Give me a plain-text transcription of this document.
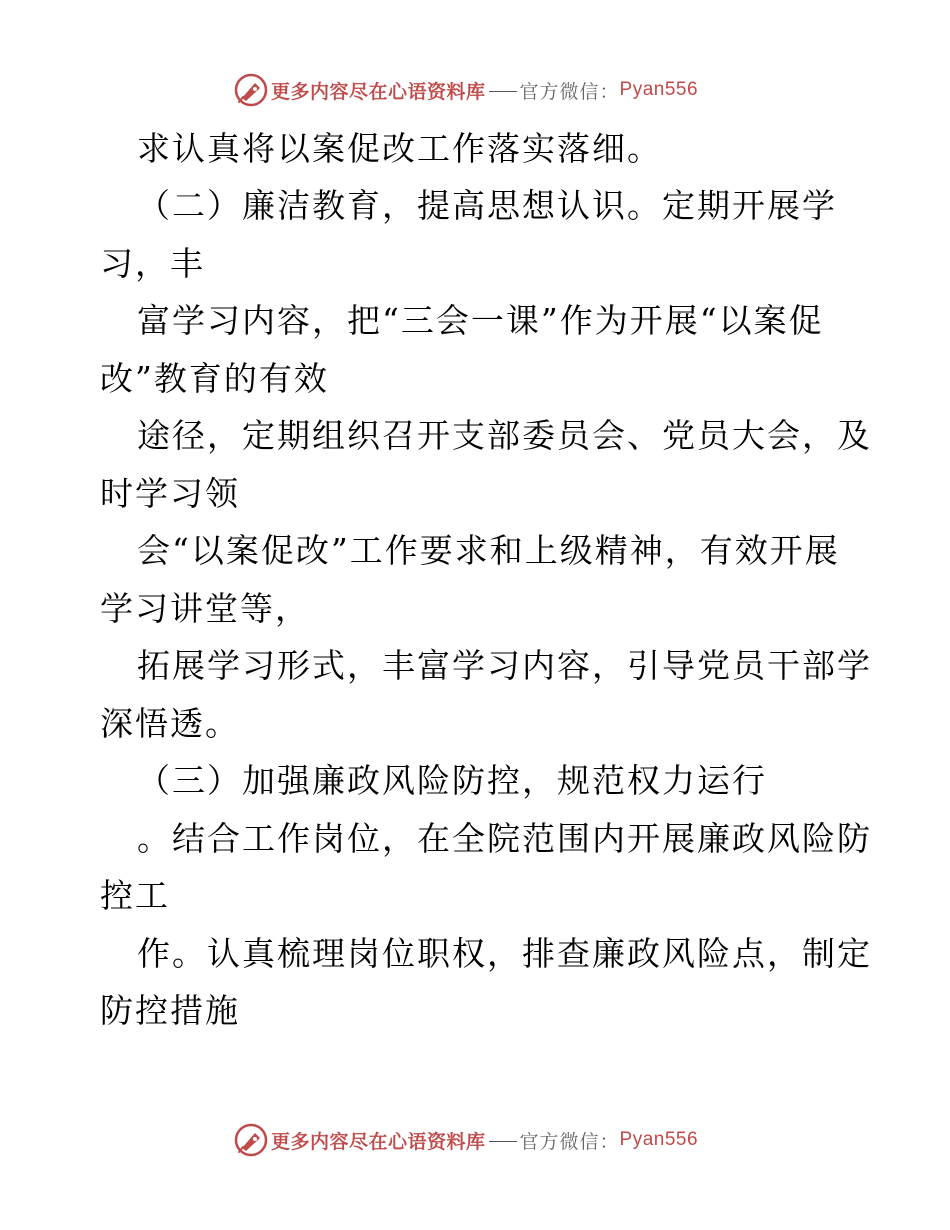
更多内容尽在心语资料库 官方微信： Pyan556
求认真将以案促改工作落实落细。
（二）廉洁教育，提高思想认识。定期开展学
习，丰
富学习内容，把“三会一课”作为开展“以案促
改”教育的有效
途径，定期组织召开支部委员会、党员大会，及
时学习领
会“以案促改”工作要求和上级精神，有效开展
学习讲堂等，
拓展学习形式，丰富学习内容，引导党员干部学
深悟透。
（三）加强廉政风险防控，规范权力运行
。结合工作岗位，在全院范围内开展廉政风险防
控工
作。认真梳理岗位职权，排查廉政风险点，制定
防控措施
更多内容尽在心语资料库 官方微信： Pyan556
